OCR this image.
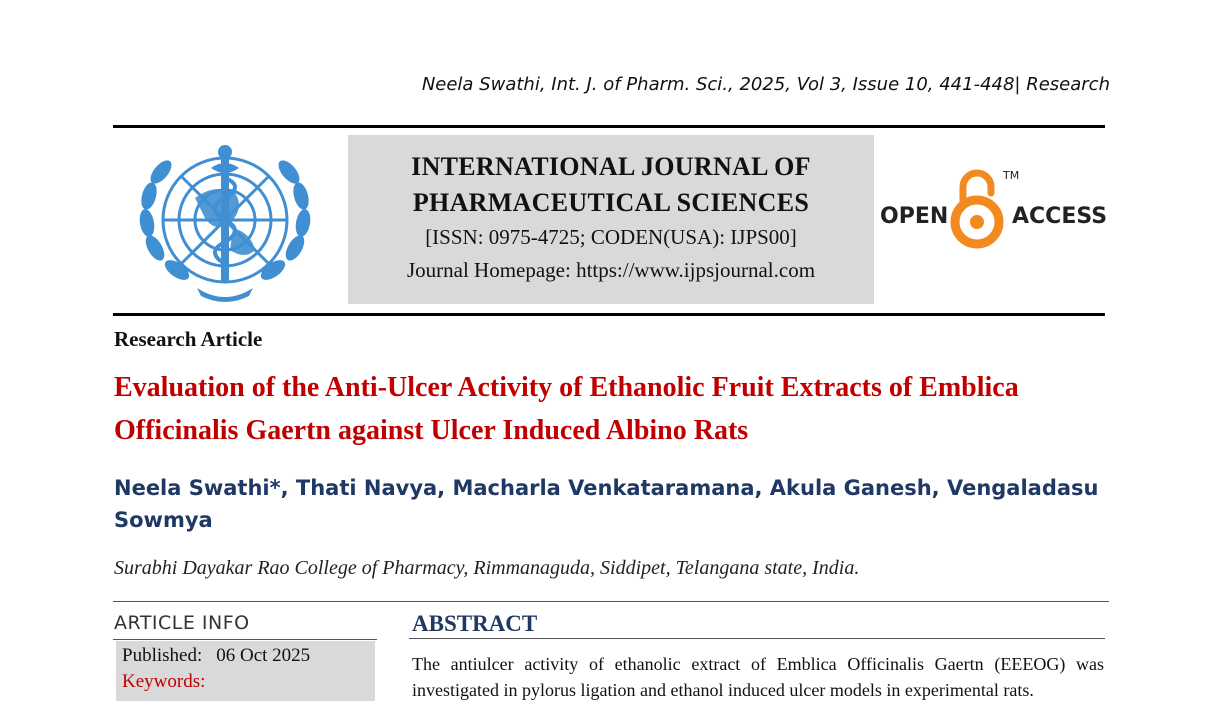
Neela Swathi, Int. J. of Pharm. Sci., 2025, Vol 3, Issue 10, 441-448| Research
INTERNATIONAL JOURNAL OF
PHARMACEUTICAL SCIENCES
[ISSN: 0975-4725; CODEN(USA): IJPS00]
Journal Homepage: https://www.ijpsjournal.com
OPEN
TM
ACCESS
Research Article
Evaluation of the Anti-Ulcer Activity of Ethanolic Fruit Extracts of Emblica Officinalis Gaertn against Ulcer Induced Albino Rats
Neela Swathi*, Thati Navya, Macharla Venkataramana, Akula Ganesh, Vengaladasu Sowmya
Surabhi Dayakar Rao College of Pharmacy, Rimmanaguda, Siddipet, Telangana state, India.
ARTICLE INFO
Published: 06 Oct 2025
Keywords:
ABSTRACT
The antiulcer activity of ethanolic extract of Emblica Officinalis Gaertn (EEEOG) was investigated in pylorus ligation and ethanol induced ulcer models in experimental rats.
